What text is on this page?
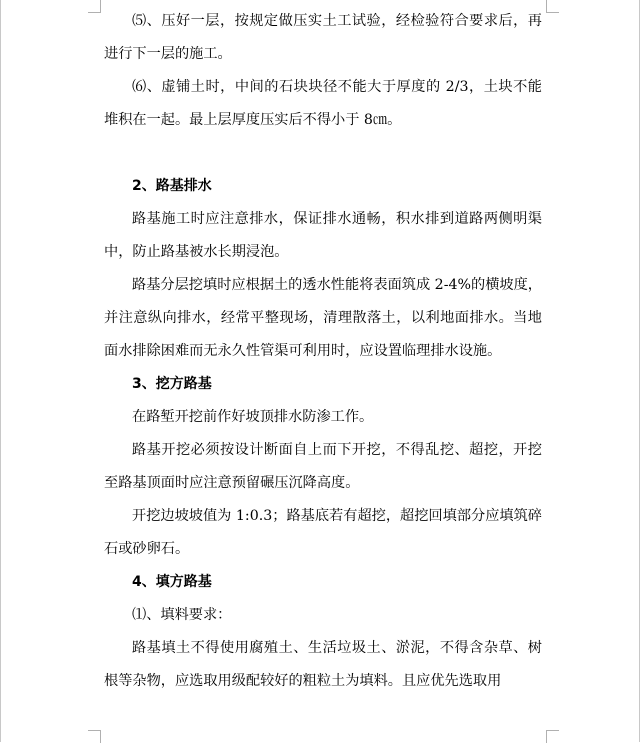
⑸、压好一层，按规定做压实土工试验，经检验符合要求后，再进行下一层的施工。

⑹、虚铺土时，中间的石块块径不能大于厚度的 2/3，土块不能堆积在一起。最上层厚度压实后不得小于 8㎝。

2、路基排水

路基施工时应注意排水，保证排水通畅，积水排到道路两侧明渠中，防止路基被水长期浸泡。

路基分层挖填时应根据土的透水性能将表面筑成 2-4%的横坡度，并注意纵向排水，经常平整现场，清理散落土，以利地面排水。当地面水排除困难而无永久性管渠可利用时，应设置临理排水设施。

3、挖方路基

在路堑开挖前作好坡顶排水防渗工作。

路基开挖必须按设计断面自上而下开挖，不得乱挖、超挖，开挖至路基顶面时应注意预留碾压沉降高度。

开挖边坡坡值为 1:0.3；路基底若有超挖，超挖回填部分应填筑碎石或砂卵石。

4、填方路基

⑴、填料要求：

路基填土不得使用腐殖土、生活垃圾土、淤泥，不得含杂草、树根等杂物，应选取用级配较好的粗粒土为填料。且应优先选取用
